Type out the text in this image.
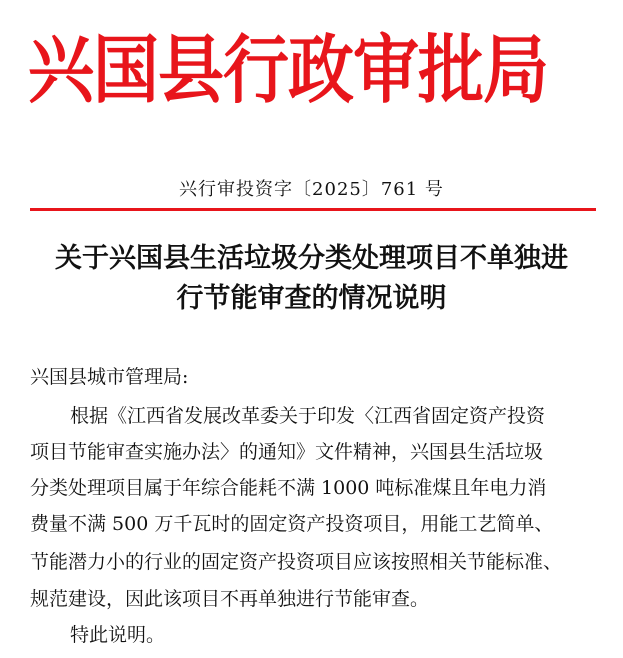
兴国县行政审批局
兴行审投资字〔2025〕761 号
关于兴国县生活垃圾分类处理项目不单独进
行节能审查的情况说明
兴国县城市管理局:
根据《江西省发展改革委关于印发〈江西省固定资产投资
项目节能审查实施办法〉的通知》文件精神，兴国县生活垃圾
分类处理项目属于年综合能耗不满 1000 吨标准煤且年电力消
费量不满 500 万千瓦时的固定资产投资项目，用能工艺简单、
节能潜力小的行业的固定资产投资项目应该按照相关节能标准、
规范建设，因此该项目不再单独进行节能审查。
特此说明。
